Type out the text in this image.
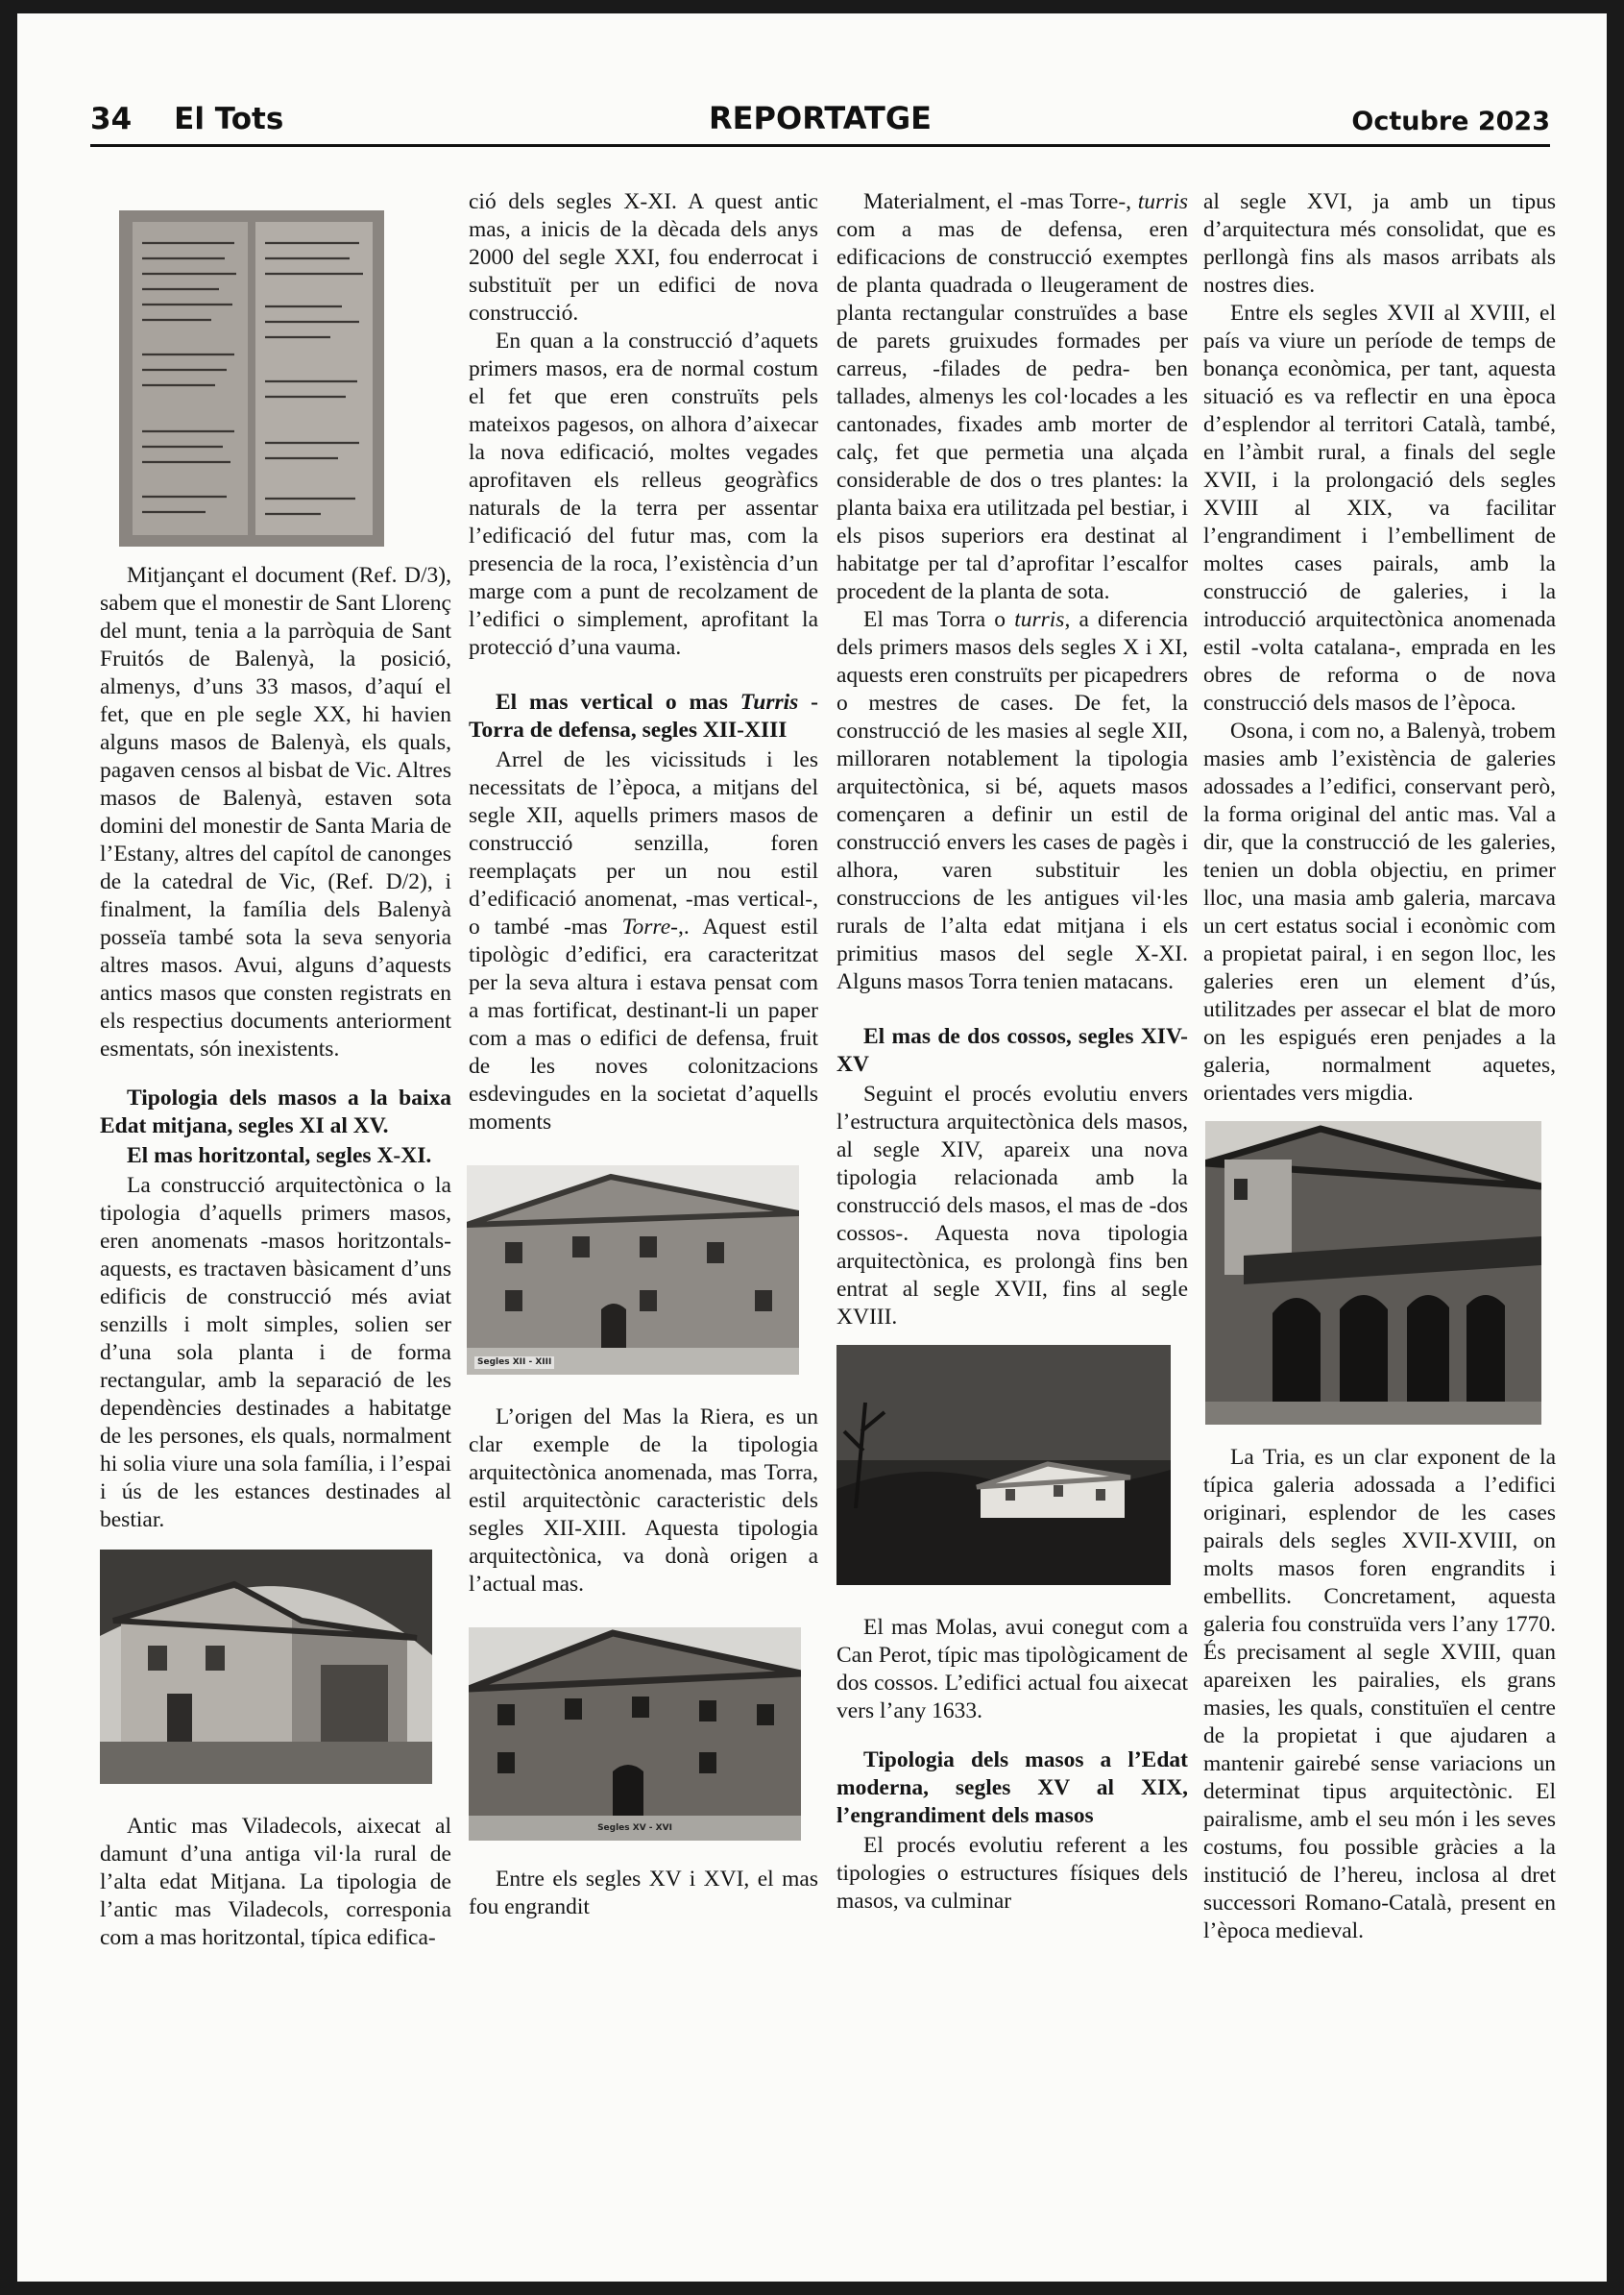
34 El Tots	REPORTATGE	Octubre 2023

Mitjançant el document (Ref. D/3), sabem que el monestir de Sant Llorenç del munt, tenia a la parròquia de Sant Fruitós de Balenyà, la posició, almenys, d’uns 33 masos, d’aquí el fet, que en ple segle XX, hi havien alguns masos de Balenyà, els quals, pagaven censos al bisbat de Vic. Altres masos de Balenyà, estaven sota domini del monestir de Santa Maria de l’Estany, altres del capítol de canonges de la catedral de Vic, (Ref. D/2), i finalment, la família dels Balenyà posseïa també sota la seva senyoria altres masos. Avui, alguns d’aquests antics masos que consten registrats en els respectius documents anteriorment esmentats, són inexistents.

Tipologia dels masos a la baixa Edat mitjana, segles XI al XV.
El mas horitzontal, segles X-XI.

La construcció arquitectònica o la tipologia d’aquells primers masos, eren anomenats -masos horitzontals- aquests, es tractaven bàsicament d’uns edificis de construcció més aviat senzills i molt simples, solien ser d’una sola planta i de forma rectangular, amb la separació de les dependències destinades a habitatge de les persones, els quals, normalment hi solia viure una sola família, i l’espai i ús de les estances destinades al bestiar.

Antic mas Viladecols, aixecat al damunt d’una antiga vil·la rural de l’alta edat Mitjana. La tipologia de l’antic mas Viladecols, corresponia com a mas horitzontal, típica edifica-

ció dels segles X-XI. A quest antic mas, a inicis de la dècada dels anys 2000 del segle XXI, fou enderrocat i substituït per un edifici de nova construcció.

En quan a la construcció d’aquets primers masos, era de normal costum el fet que eren construïts pels mateixos pagesos, on alhora d’aixecar la nova edificació, moltes vegades aprofitaven els relleus geogràfics naturals de la terra per assentar l’edificació del futur mas, com la presencia de la roca, l’existència d’un marge com a punt de recolzament de l’edifici o simplement, aprofitant la protecció d’una vauma.

El mas vertical o mas Turris -Torra de defensa, segles XII-XIII

Arrel de les vicissituds i les necessitats de l’època, a mitjans del segle XII, aquells primers masos de construcció senzilla, foren reemplaçats per un nou estil d’edificació anomenat, -mas vertical-, o també -mas Torre-,. Aquest estil tipològic d’edifici, era caracteritzat per la seva altura i estava pensat com a mas fortificat, destinant-li un paper com a mas o edifici de defensa, fruit de les noves colonitzacions esdevingudes en la societat d’aquells moments

Segles XII - XIII

L’origen del Mas la Riera, es un clar exemple de la tipologia arquitectònica anomenada, mas Torra, estil arquitectònic caracteristic dels segles XII-XIII. Aquesta tipologia arquitectònica, va donà origen a l’actual mas.

Segles XV - XVI

Entre els segles XV i XVI, el mas fou engrandit

Materialment, el -mas Torre-, turris com a mas de defensa, eren edificacions de construcció exemptes de planta quadrada o lleugerament de planta rectangular construïdes a base de parets gruixudes formades per carreus, -filades de pedra- ben tallades, almenys les col·locades a les cantonades, fixades amb morter de calç, fet que permetia una alçada considerable de dos o tres plantes: la planta baixa era utilitzada pel bestiar, i els pisos superiors era destinat al habitatge per tal d’aprofitar l’escalfor procedent de la planta de sota.

El mas Torra o turris, a diferencia dels primers masos dels segles X i XI, aquests eren construïts per picapedrers o mestres de cases. De fet, la construcció de les masies al segle XII, milloraren notablement la tipologia arquitectònica, si bé, aquets masos començaren a definir un estil de construcció envers les cases de pagès i alhora, varen substituir les construccions de les antigues vil·les rurals de l’alta edat mitjana i els primitius masos del segle X-XI. Alguns masos Torra tenien matacans.

El mas de dos cossos, segles XIV-XV

Seguint el procés evolutiu envers l’estructura arquitectònica dels masos, al segle XIV, apareix una nova tipologia relacionada amb la construcció dels masos, el mas de -dos cossos-. Aquesta nova tipologia arquitectònica, es prolongà fins ben entrat al segle XVII, fins al segle XVIII.

El mas Molas, avui conegut com a Can Perot, típic mas tipològicament de dos cossos. L’edifici actual fou aixecat vers l’any 1633.

Tipologia dels masos a l’Edat moderna, segles XV al XIX, l’engrandiment dels masos

El procés evolutiu referent a les tipologies o estructures físiques dels masos, va culminar

al segle XVI, ja amb un tipus d’arquitectura més consolidat, que es perllongà fins als masos arribats als nostres dies.

Entre els segles XVII al XVIII, el país va viure un període de temps de bonança econòmica, per tant, aquesta situació es va reflectir en una època d’esplendor al territori Català, també, en l’àmbit rural, a finals del segle XVII, i la prolongació dels segles XVIII al XIX, va facilitar l’engrandiment i l’embelliment de moltes cases pairals, amb la construcció de galeries, i la introducció arquitectònica anomenada estil -volta catalana-, emprada en les obres de reforma o de nova construcció dels masos de l’època.

Osona, i com no, a Balenyà, trobem masies amb l’existència de galeries adossades a l’edifici, conservant però, la forma original del antic mas. Val a dir, que la construcció de les galeries, tenien un dobla objectiu, en primer lloc, una masia amb galeria, marcava un cert estatus social i econòmic com a propietat pairal, i en segon lloc, les galeries eren un element d’ús, utilitzades per assecar el blat de moro on les espigués eren penjades a la galeria, normalment aquetes, orientades vers migdia.

La Tria, es un clar exponent de la típica galeria adossada a l’edifici originari, esplendor de les cases pairals dels segles XVII-XVIII, on molts masos foren engrandits i embellits. Concretament, aquesta galeria fou construïda vers l’any 1770. És precisament al segle XVIII, quan apareixen les pairalies, els grans masies, les quals, constituïen el centre de la propietat i que ajudaren a mantenir gairebé sense variacions un determinat tipus arquitectònic. El pairalisme, amb el seu món i les seves costums, fou possible gràcies a la institució de l’hereu, inclosa al dret successori Romano-Català, present en l’època medieval.
